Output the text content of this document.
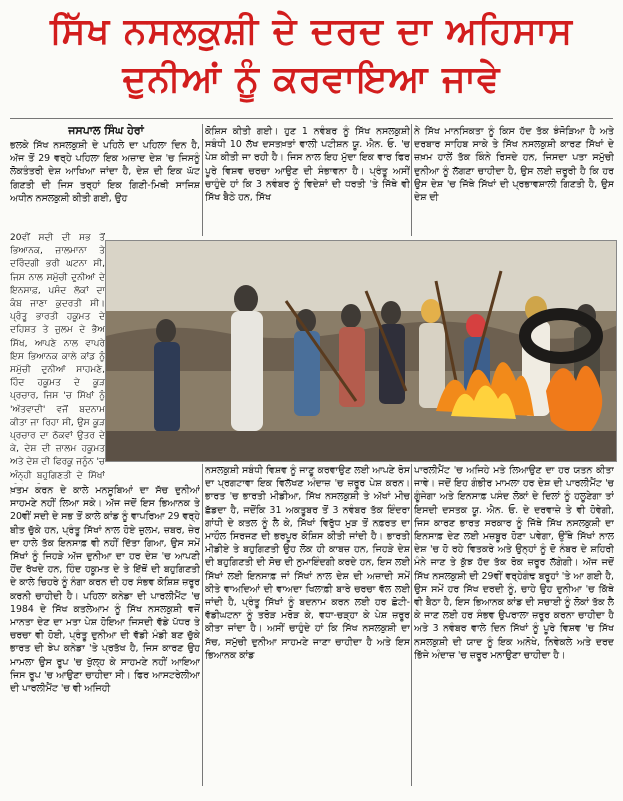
ਸਿੱਖ ਨਸਲਕੁਸ਼ੀ ਦੇ ਦਰਦ ਦਾ ਅਹਿਸਾਸ
ਦੁਨੀਆਂ ਨੂੰ ਕਰਵਾਇਆ ਜਾਵੇ
ਜਸਪਾਲ ਸਿੰਘ ਹੇਰਾਂ

ਭਲਕੇ ਸਿੱਖ ਨਸਲਕੁਸ਼ੀ ਦੇ ਪਹਿਲੇ ਦਾ ਪਹਿਲਾ ਦਿਨ ਹੈ, ਅੱਜ ਤੋਂ 29 ਵਰ੍ਹੇ ਪਹਿਲਾ ਇਕ ਅਜ਼ਾਦ ਦੇਸ਼ 'ਚ ਜਿਸਨੂੰ ਲੋਕਤੰਤਰੀ ਦੇਸ਼ ਆਖਿਆ ਜਾਂਦਾ ਹੈ, ਦੇਸ਼ ਦੀ ਇਕ ਘੱਟ ਗਿਣਤੀ ਦੀ ਜਿਸ ਤਰ੍ਹਾਂ ਇਕ ਗਿਣੀ-ਮਿਥੀ ਸਾਜਿਸ਼ ਅਧੀਨ ਨਸਲਕੁਸ਼ੀ ਕੀਤੀ ਗਈ, ਉਹ

20ਵੀਂ ਸਦੀ ਦੀ ਸਭ ਤੋਂ ਭਿਆਨਕ, ਜ਼ਾਲਮਾਨਾ ਤੇ ਦਰਿੰਦਗੀ ਭਰੀ ਘਟਨਾ ਸੀ, ਜਿਸ ਨਾਲ ਸਮੁੱਚੀ ਦੁਨੀਆਂ ਦੇ ਇਨਸਾਫ਼, ਪਸੰਦ ਲੋਕਾਂ ਦਾ ਕੰਬ ਜਾਣਾ ਕੁਦਰਤੀ ਸੀ। ਪ੍ਰੰਤੂ ਭਾਰਤੀ ਹਕੂਮਤ ਦੇ ਦਹਿਸ਼ਤ ਤੇ ਜ਼ੁਲਮ ਦੇ ਭੈਅ ਸਿੱਖ, ਆਪਣੇ ਨਾਲ ਵਾਪਰੇ ਇਸ ਭਿਆਨਕ ਕਾਲੇ ਕਾਂਡ ਨੂੰ ਸਮੁੱਚੀ ਦੁਨੀਆਂ ਸਾਹਮਣੇ, ਹਿੰਦ ਹਕੂਮਤ ਦੇ ਕੂੜ ਪ੍ਰਚਾਰ, ਜਿਸ 'ਚ ਸਿੱਖਾਂ ਨੂੰ 'ਅੱਤਵਾਦੀ' ਵਜੋਂ ਬਦਨਾਮ ਕੀਤਾ ਜਾ ਰਿਹਾ ਸੀ, ਉਸ ਕੂੜ ਪ੍ਰਚਾਰ ਦਾ ਠੋਕਵਾਂ ਉਤਰ ਦੇ ਕੇ, ਦੇਸ਼ ਦੀ ਜ਼ਾਲਮ ਹਕੂਮਤ ਅਤੇ ਦੇਸ਼ ਦੀ ਫਿਰਕੂ ਜਨੂੰਨ 'ਚ ਅੰਨ੍ਹੀ ਬਹੁਗਿਣਤੀ ਦੇ ਸਿੱਖਾਂ

ਖ਼ਤਮ ਕਰਨ ਦੇ ਕਾਲੇ ਮਨਸੂਬਿਆਂ ਦਾ ਸੱਚ ਦੁਨੀਆਂ ਸਾਹਮਣੇ ਨਹੀਂ ਲਿਆ ਸਕੇ। ਅੱਜ ਜਦੋਂ ਇਸ ਭਿਆਨਕ ਤੇ 20ਵੀਂ ਸਦੀ ਦੇ ਸਭ ਤੋਂ ਕਾਲੇ ਕਾਂਡ ਨੂੰ ਵਾਪਰਿਆ 29 ਵਰ੍ਹੇ ਬੀਤ ਚੁੱਕੇ ਹਨ, ਪ੍ਰੰਤੂ ਸਿੱਖਾਂ ਨਾਲ ਹੋਏ ਜ਼ੁਲਮ, ਜ਼ਬਰ, ਜ਼ੇਰ ਦਾ ਹਾਲੇ ਤੱਕ ਇਨਸਾਫ਼ ਵੀ ਨਹੀਂ ਦਿੱਤਾ ਗਿਆ, ਉਸ ਸਮੇਂ ਸਿੱਖਾਂ ਨੂੰ ਜਿਹੜੇ ਅੱਜ ਦੁਨੀਆ ਦਾ ਹਰ ਦੇਸ਼ 'ਚ ਆਪਣੀ ਹੋਂਦ ਰੱਖਦੇ ਹਨ, ਹਿੰਦ ਹਕੂਮਤ ਦੇ ਤੇ ਇੱਥੋਂ ਦੀ ਬਹੁਗਿਣਤੀ ਦੇ ਕਾਲੇ ਚਿਹਰੇ ਨੂੰ ਨੰਗਾ ਕਰਨ ਦੀ ਹਰ ਸੰਭਵ ਕੋਸ਼ਿਸ਼ ਜ਼ਰੂਰ ਕਰਨੀ ਚਾਹੀਦੀ ਹੈ। ਪਹਿਲਾ ਕਨੇਡਾ ਦੀ ਪਾਰਲੀਮੈਂਟ 'ਚ 1984 ਦੇ ਸਿੱਖ ਕਤਲੇਆਮ ਨੂੰ ਸਿੱਖ ਨਸਲਕੁਸ਼ੀ ਵਜੋਂ ਮਾਨਤਾ ਦੇਣ ਦਾ ਮਤਾ ਪੇਸ਼ ਹੋਇਆ ਜਿਸਦੀ ਵੱਡੇ ਪੱਧਰ ਤੇ ਚਰਚਾ ਵੀ ਹੋਈ, ਪ੍ਰੰਤੂ ਦੁਨੀਆ ਦੀ ਵੱਡੀ ਮੰਡੀ ਬਣ ਚੁੱਕੇ ਭਾਰਤ ਦੀ ਝੇਪ ਕਨੇਡਾ 'ਤੇ ਪ੍ਰਤੱਖ ਹੈ, ਜਿਸ ਕਾਰਣ ਉਹ ਮਾਮਲਾ ਉਸ ਰੂਪ 'ਚ ਖੁੱਲ੍ਹ ਕੇ ਸਾਹਮਣੇ ਨਹੀਂ ਆਇਆ ਜਿਸ ਰੂਪ 'ਚ ਆਉਣਾ ਚਾਹੀਦਾ ਸੀ। ਫਿਰ ਆਸਟਰੇਲੀਆ ਦੀ ਪਾਰਲੀਮੈਂਟ 'ਚ ਵੀ ਅਜਿਹੀ

ਕੋਸ਼ਿਸ ਕੀਤੀ ਗਈ। ਹੁਣ 1 ਨਵੰਬਰ ਨੂੰ ਸਿੱਖ ਨਸਲਕੁਸ਼ੀ ਸਬੰਧੀ 10 ਲੱਖ ਦਸਤਖ਼ਤਾਂ ਵਾਲੀ ਪਟੀਸ਼ਨ ਯੂ. ਐਨ. ਓ. 'ਚ ਪੇਸ਼ ਕੀਤੀ ਜਾ ਰਹੀ ਹੈ। ਜਿਸ ਨਾਲ ਇਹ ਮੁੱਦਾ ਇਕ ਵਾਰ ਫਿਰ ਪੂਰੇ ਵਿਸ਼ਵ ਚਰਚਾ ਆਉਣ ਦੀ ਸੰਭਾਵਨਾ ਹੈ। ਪ੍ਰੰਤੂ ਅਸੀਂ ਚਾਹੁੰਦੇ ਹਾਂ ਕਿ 3 ਨਵੰਬਰ ਨੂੰ ਵਿਦੇਸ਼ਾਂ ਦੀ ਧਰਤੀ 'ਤੇ ਜਿੱਥੇ ਵੀ ਸਿੱਖ ਬੈਠੇ ਹਨ, ਸਿੱਖ

ਨੇ ਸਿੱਖ ਮਾਨਸਿਕਤਾ ਨੂੰ ਕਿਸ ਹੱਦ ਤੱਕ ਝੰਜੋੜਿਆ ਹੈ ਅਤੇ ਦਰਬਾਰ ਸਾਹਿਬ ਸਾਕੇ ਤੇ ਸਿੱਖ ਨਸਲਕੁਸ਼ੀ ਕਾਰਣ ਸਿੱਖਾਂ ਦੇ ਜ਼ਖ਼ਮ ਹਾਲੇਂ ਤੱਕ ਕਿੰਨੇ ਰਿਸਦੇ ਹਨ, ਜਿਸਦਾ ਪਤਾ ਸਮੁੱਚੀ ਦੁਨੀਆ ਨੂੰ ਲੱਗਣਾ ਚਾਹੀਦਾ ਹੈ, ਉਸ ਲਈ ਜ਼ਰੂਰੀ ਹੈ ਕਿ ਹਰ ਉਸ ਦੇਸ਼ 'ਚ ਜਿੱਥੇ ਸਿੱਖਾਂ ਦੀ ਪ੍ਰਭਾਵਸ਼ਾਲੀ ਗਿਣਤੀ ਹੈ, ਉਸ ਦੇਸ਼ ਦੀ

ਨਸਲਕੁਸ਼ੀ ਸਬੰਧੀ ਵਿਸ਼ਵ ਨੂੰ ਜਾਣੂ ਕਰਵਾਉਣ ਲਈ ਆਪਣੇ ਰੋਸ ਦਾ ਪ੍ਰਗਟਾਵਾ ਇਕ ਵਿਲੱਖਣ ਅੰਦਾਜ਼ 'ਚ ਜ਼ਰੂਰ ਪੇਸ਼ ਕਰਨ। ਭਾਰਤ 'ਚ ਭਾਰਤੀ ਮੀਡੀਆ, ਸਿੱਖ ਨਸਲਕੁਸ਼ੀ ਤੇ ਅੱਖਾਂ ਮੀਚ ਛੱਡਦਾ ਹੈ, ਜਦੋਂਕਿ 31 ਅਕਤੂਬਰ ਤੋਂ 3 ਨਵੰਬਰ ਤੱਕ ਇੰਦਰਾ ਗਾਂਧੀ ਦੇ ਕਤਲ ਨੂੰ ਲੈ ਕੇ, ਸਿੱਖਾਂ ਵਿਰੁੱਧ ਮੁੜ ਤੋਂ ਨਫ਼ਰਤ ਦਾ ਮਾਹੌਲ ਸਿਰਜਣ ਦੀ ਭਰਪੂਰ ਕੋਸ਼ਿਸ ਕੀਤੀ ਜਾਂਦੀ ਹੈ। ਭਾਰਤੀ ਮੀਡੀਏ ਤੇ ਬਹੁਗਿਣਤੀ ਉਹ ਲੋਕ ਹੀ ਕਾਬਜ਼ ਹਨ, ਜਿਹੜੇ ਦੇਸ਼ ਦੀ ਬਹੁਗਿਣਤੀ ਦੀ ਸੋਚ ਦੀ ਨੁਮਾਇੰਦਗੀ ਕਰਦੇ ਹਨ, ਇਸ ਲਈ ਸਿੱਖਾਂ ਲਈ ਇਨਸਾਫ਼ ਜਾਂ ਸਿੱਖਾਂ ਨਾਲ ਦੇਸ਼ ਦੀ ਅਜ਼ਾਦੀ ਸਮੇਂ ਕੀਤੇ ਵਾਅਦਿਆਂ ਦੀ ਵਾਅਦਾ ਖਿਲਾਫ਼ੀ ਬਾਰੇ ਚਰਚਾ ਵੱਲ ਲਈ ਜਾਂਦੀ ਹੈ, ਪ੍ਰੰਤੂ ਸਿੱਖਾਂ ਨੂੰ ਬਦਨਾਮ ਕਰਨ ਲਈ ਹਰ ਛੋਟੀ-ਵੱਡੀਘਟਨਾ ਨੂੰ ਤਰੋੜ ਮਰੋੜ ਕੇ, ਵਧਾ-ਚੜ੍ਹਾ ਕੇ ਪੇਸ਼ ਜ਼ਰੂਰ ਕੀਤਾ ਜਾਂਦਾ ਹੈ। ਅਸੀਂ ਚਾਹੁੰਦੇ ਹਾਂ ਕਿ ਸਿੱਖ ਨਸਲਕੁਸ਼ੀ ਦਾ ਸੱਚ, ਸਮੁੱਚੀ ਦੁਨੀਆ ਸਾਹਮਣੇ ਜਾਣਾ ਚਾਹੀਦਾ ਹੈ ਅਤੇ ਇਸ ਭਿਆਨਕ ਕਾਂਡ

ਪਾਰਲੀਮੈਂਟ 'ਚ ਅਜਿਹੇ ਮਤੇ ਲਿਆਉਣ ਦਾ ਹਰ ਯਤਨ ਕੀਤਾ ਜਾਵੇ। ਜਦੋਂ ਇਹ ਗੰਭੀਰ ਮਾਮਲਾ ਹਰ ਦੇਸ਼ ਦੀ ਪਾਰਲੀਮੈਂਟ 'ਚ ਗੂੰਜੇਗਾ ਅਤੇ ਇਨਸਾਫ਼ ਪਸੰਦ ਲੋਕਾਂ ਦੇ ਦਿਲਾਂ ਨੂੰ ਹਲੂਣੇਗਾ ਤਾਂ ਇਸਦੀ ਦਸਤਕ ਯੂ. ਐਨ. ਓ. ਦੇ ਦਰਵਾਜ਼ੇ ਤੇ ਵੀ ਹੋਵੇਗੀ, ਜਿਸ ਕਾਰਣ ਭਾਰਤ ਸਰਕਾਰ ਨੂੰ ਜਿੱਥੇ ਸਿੱਖ ਨਸਲਕੁਸ਼ੀ ਦਾ ਇਨਸਾਫ਼ ਦੇਣ ਲਈ ਮਜ਼ਬੂਰ ਹੋਣਾ ਪਵੇਗਾ, ਉੱਥੇ ਸਿੱਖਾਂ ਨਾਲ ਦੇਸ਼ 'ਚ ਹੋ ਰਹੇ ਵਿਤਕਰੇ ਅਤੇ ਉਨ੍ਹਾਂ ਨੂੰ ਦੋ ਨੰਬਰ ਦੇ ਸ਼ਹਿਰੀ ਮੰਨੇ ਜਾਣ ਤੇ ਕੁੱਝ ਹੱਦ ਤੱਕ ਰੋਕ ਜ਼ਰੂਰ ਲੱਗੇਗੀ। ਅੱਜ ਜਦੋਂ ਸਿੱਖ ਨਸਲਕੁਸ਼ੀ ਦੀ 29ਵੀਂ ਵਰ੍ਹੇਗੰਢ ਬਰੂਹਾਂ 'ਤੇ ਆ ਗਈ ਹੈ, ਉਸ ਸਮੇਂ ਹਰ ਸਿੱਖ ਦਰਦੀ ਨੂੰ, ਚਾਹੇ ਉਹ ਦੁਨੀਆ 'ਚ ਕਿੱਥੇ ਵੀ ਬੈਠਾ ਹੈ, ਇਸ ਭਿਆਨਕ ਕਾਂਡ ਦੀ ਸਚਾਈ ਨੂੰ ਲੋਕਾਂ ਤੱਕ ਲੈ ਕੇ ਜਾਣ ਲਈ ਹਰ ਸੰਭਵ ਉਪਰਾਲਾ ਜ਼ਰੂਰ ਕਰਨਾ ਚਾਹੀਦਾ ਹੈ ਅਤੇ 3 ਨਵੰਬਰ ਵਾਲੇ ਦਿਨ ਸਿੱਖਾਂ ਨੂੰ ਪੂਰੇ ਵਿਸ਼ਵ 'ਚ ਸਿੱਖ ਨਸਲਕੁਸ਼ੀ ਦੀ ਯਾਦ ਨੂੰ ਇਕ ਅਨੋਖੇ, ਨਿਵੇਕਲੇ ਅਤੇ ਦਰਦ ਭਿੱਜੇ ਅੰਦਾਜ਼ 'ਚ ਜ਼ਰੂਰ ਮਨਾਉਣਾ ਚਾਹੀਦਾ ਹੈ।
